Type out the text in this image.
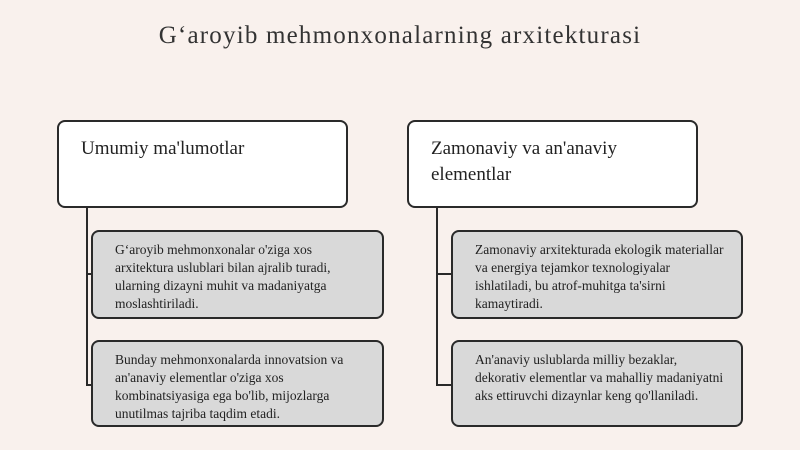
G‘aroyib mehmonxonalarning arxitekturasi
Umumiy ma'lumotlar
G‘aroyib mehmonxonalar o'ziga xos arxitektura uslublari bilan ajralib turadi, ularning dizayni muhit va madaniyatga moslashtiriladi.
Bunday mehmonxonalarda innovatsion va an'anaviy elementlar o'ziga xos kombinatsiyasiga ega bo'lib, mijozlarga unutilmas tajriba taqdim etadi.
Zamonaviy va an'anaviy elementlar
Zamonaviy arxitekturada ekologik materiallar va energiya tejamkor texnologiyalar ishlatiladi, bu atrof-muhitga ta'sirni kamaytiradi.
An'anaviy uslublarda milliy bezaklar, dekorativ elementlar va mahalliy madaniyatni aks ettiruvchi dizaynlar keng qo'llaniladi.
